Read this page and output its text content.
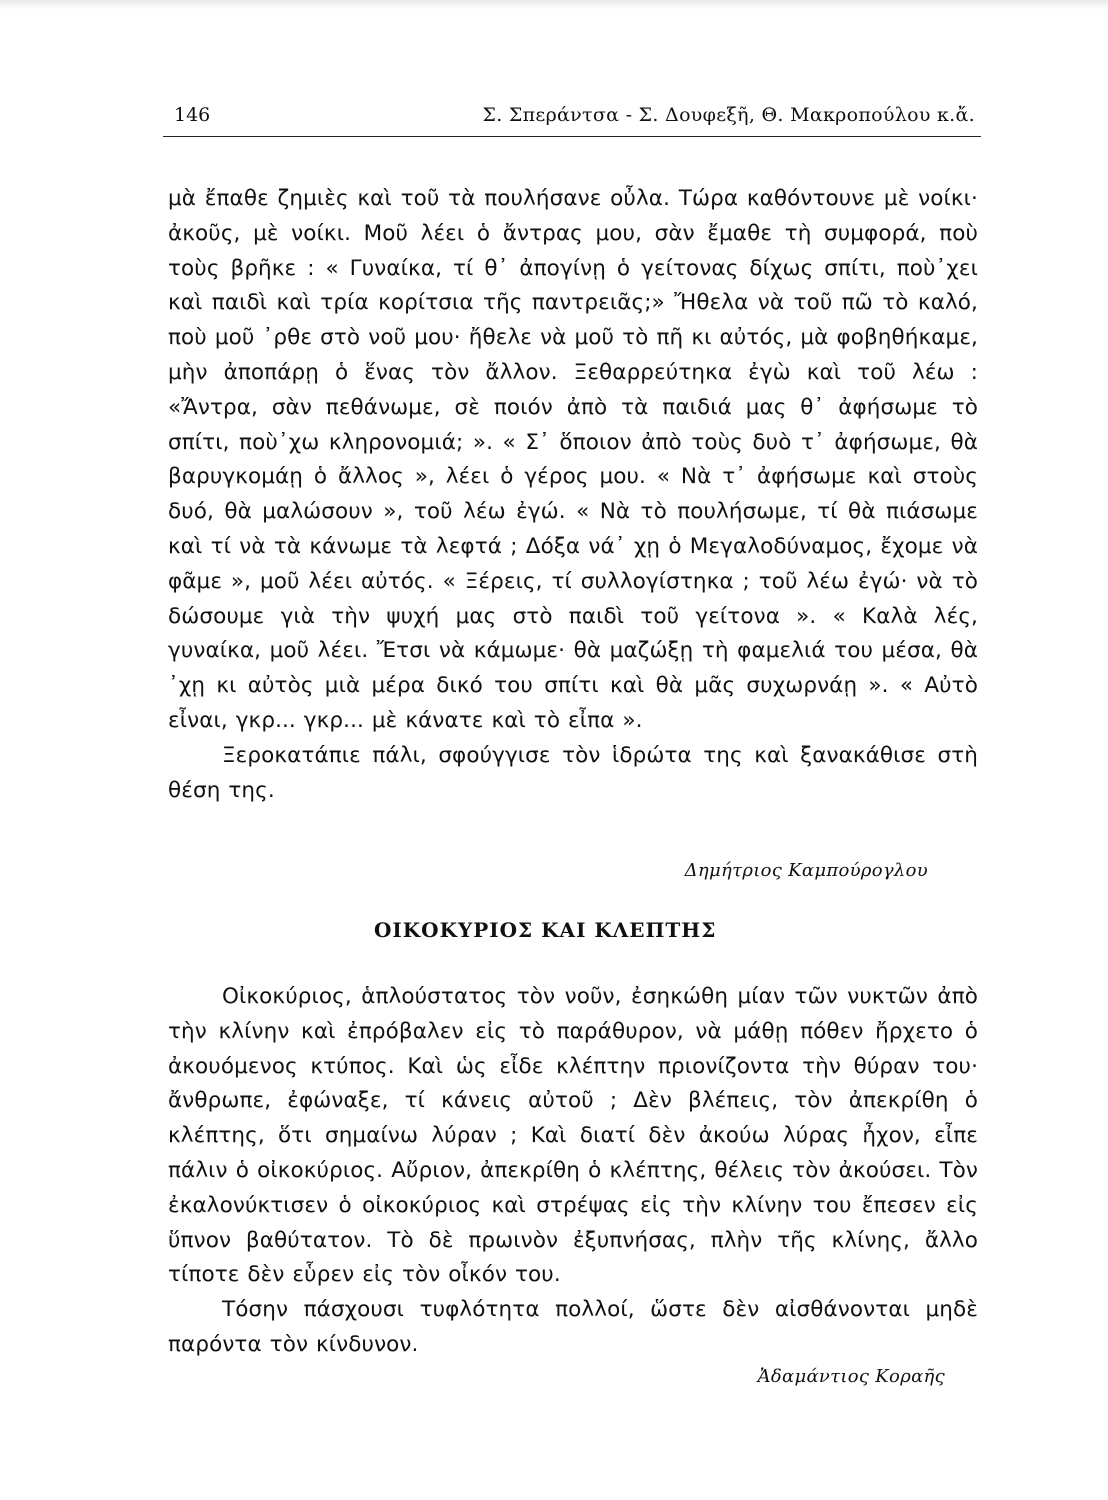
146	Σ. Σπεράντσα - Σ. Δουφεξῆ, Θ. Μακροπούλου κ.ἄ.

μὰ ἔπαθε ζημιὲς καὶ τοῦ τὰ πουλήσανε οὖλα. Τώρα καθόντουνε μὲ νοίκι· ἀκοῦς, μὲ νοίκι. Μοῦ λέει ὁ ἄντρας μου, σὰν ἔμαθε τὴ συμφορά, ποὺ τοὺς βρῆκε : « Γυναίκα, τί θ᾽ ἀπογίνῃ ὁ γείτονας δίχως σπίτι, ποὺ᾽χει καὶ παιδὶ καὶ τρία κορίτσια τῆς παντρειᾶς;» Ἤθελα νὰ τοῦ πῶ τὸ καλό, ποὺ μοῦ ᾽ρθε στὸ νοῦ μου· ἤθελε νὰ μοῦ τὸ πῆ κι αὐτός, μὰ φοβηθήκαμε, μὴν ἀποπάρῃ ὁ ἕνας τὸν ἄλλον. Ξεθαρρεύτηκα ἐγὼ καὶ τοῦ λέω : «Ἄντρα, σὰν πεθάνωμε, σὲ ποιόν ἀπὸ τὰ παιδιά μας θ᾽ ἀφήσωμε τὸ σπίτι, ποὺ᾽χω κληρονομιά; ». « Σ᾽ ὅποιον ἀπὸ τοὺς δυὸ τ᾽ ἀφήσωμε, θὰ βαρυγκομάῃ ὁ ἄλλος », λέει ὁ γέρος μου. « Νὰ τ᾽ ἀφήσωμε καὶ στοὺς δυό, θὰ μαλώσουν », τοῦ λέω ἐγώ. « Νὰ τὸ πουλήσωμε, τί θὰ πιάσωμε καὶ τί νὰ τὰ κάνωμε τὰ λεφτά ; Δόξα νά᾽ χῃ ὁ Μεγαλοδύναμος, ἔχομε νὰ φᾶμε », μοῦ λέει αὐτός. « Ξέρεις, τί συλλογίστηκα ; τοῦ λέω ἐγώ· νὰ τὸ δώσουμε γιὰ τὴν ψυχή μας στὸ παιδὶ τοῦ γείτονα ». « Καλὰ λές, γυναίκα, μοῦ λέει. Ἔτσι νὰ κάμωμε· θὰ μαζώξῃ τὴ φαμελιά του μέσα, θὰ ᾽χῃ κι αὐτὸς μιὰ μέρα δικό του σπίτι καὶ θὰ μᾶς συχωρνάῃ ». « Αὐτὸ εἶναι, γκρ... γκρ... μὲ κάνατε καὶ τὸ εἶπα ».

Ξεροκατάπιε πάλι, σφούγγισε τὸν ἱδρώτα της καὶ ξανακάθισε στὴ θέση της.

Δημήτριος Καμπούρογλου
ΟΙΚΟΚΥΡΙΟΣ ΚΑΙ ΚΛΕΠΤΗΣ

Οἰκοκύριος, ἁπλούστατος τὸν νοῦν, ἐσηκώθη μίαν τῶν νυκτῶν ἀπὸ τὴν κλίνην καὶ ἐπρόβαλεν εἰς τὸ παράθυρον, νὰ μάθῃ πόθεν ἤρχετο ὁ ἀκουόμενος κτύπος. Καὶ ὡς εἶδε κλέπτην πριονίζοντα τὴν θύραν του· ἄνθρωπε, ἐφώναξε, τί κάνεις αὐτοῦ ; Δὲν βλέπεις, τὸν ἀπεκρίθη ὁ κλέπτης, ὅτι σημαίνω λύραν ; Καὶ διατί δὲν ἀκούω λύρας ἦχον, εἶπε πάλιν ὁ οἰκοκύριος. Αὔριον, ἀπεκρίθη ὁ κλέπτης, θέλεις τὸν ἀκούσει. Τὸν ἐκαλονύκτισεν ὁ οἰκοκύριος καὶ στρέψας εἰς τὴν κλίνην του ἔπεσεν εἰς ὕπνον βαθύτατον. Τὸ δὲ πρωινὸν ἐξυπνήσας, πλὴν τῆς κλίνης, ἄλλο τίποτε δὲν εὗρεν εἰς τὸν οἶκόν του.

Τόσην πάσχουσι τυφλότητα πολλοί, ὥστε δὲν αἰσθάνονται μηδὲ παρόντα τὸν κίνδυνον.

Ἀδαμάντιος Κοραῆς
